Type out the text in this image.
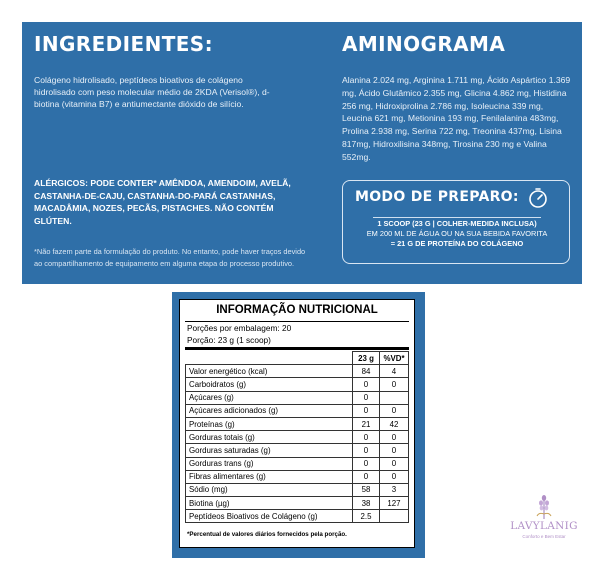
INGREDIENTES:	AMINOGRAMA
Colágeno hidrolisado, peptídeos bioativos de colágeno hidrolisado com peso molecular médio de 2KDA (Verisol®), d-biotina (vitamina B7) e antiumectante dióxido de silício.
Alanina 2.024 mg, Arginina 1.711 mg, Ácido Aspártico 1.369 mg, Ácido Glutâmico 2.355 mg, Glicina 4.862 mg, Histidina 256 mg, Hidroxiprolina 2.786 mg, Isoleucina 339 mg, Leucina 621 mg, Metionina 193 mg, Fenilalanina 483mg, Prolina 2.938 mg, Serina 722 mg, Treonina 437mg, Lisina 817mg, Hidroxilisina 348mg, Tirosina 230 mg e Valina 552mg.
ALÉRGICOS: PODE CONTER* AMÊNDOA, AMENDOIM, AVELÃ, CASTANHA-DE-CAJU, CASTANHA-DO-PARÁ CASTANHAS, MACADÂMIA, NOZES, PECÃS, PISTACHES. NÃO CONTÉM GLÚTEN.
*Não fazem parte da formulação do produto. No entanto, pode haver traços devido ao compartilhamento de equipamento em alguma etapa do processo produtivo.
MODO DE PREPARO:
1 SCOOP (23 G | COLHER-MEDIDA INCLUSA)
EM 200 ML DE ÁGUA OU NA SUA BEBIDA FAVORITA
= 21 G DE PROTEÍNA DO COLÁGENO
INFORMAÇÃO NUTRICIONAL
Porções por embalagem: 20
Porção: 23 g (1 scoop)
	23 g	%VD*
Valor energético (kcal)	84	4
Carboidratos (g)	0	0
Açúcares (g)	0	
Açúcares adicionados (g)	0	0
Proteínas (g)	21	42
Gorduras totais (g)	0	0
Gorduras saturadas (g)	0	0
Gorduras trans (g)	0	0
Fibras alimentares (g)	0	0
Sódio (mg)	58	3
Biotina (µg)	38	127
Peptídeos Bioativos de Colágeno (g)	2.5	
*Percentual de valores diários fornecidos pela porção.
LAVYLANIG
Conforto e Bem Estar
